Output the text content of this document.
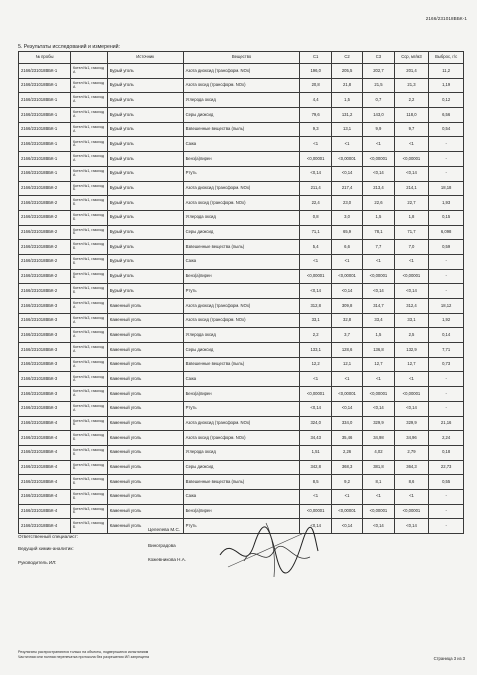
2166/231018ВБК-1
5. Результаты исследований и измерений:
№ пробы		Источник	Вещество	С1	С2	С3	Сср, мг/м3	Выброс, г/с
2166/231018ВБК-1	Котел №1, газоход А	Бурый уголь	Азота диоксид (трансформ. NOx)	196,0	205,5	202,7	201,4	11,2
2166/231018ВБК-1	Котел №1, газоход А	Бурый уголь	Азота оксид (трансформ. NOx)	20,8	21,8	21,5	21,3	1,19
2166/231018ВБК-1	Котел №1, газоход А	Бурый уголь	Углерода оксид	4,4	1,5	0,7	2,2	0,12
2166/231018ВБК-1	Котел №1, газоход А	Бурый уголь	Серы диоксид	79,6	131,2	143,0	118,0	6,56
2166/231018ВБК-1	Котел №1, газоход А	Бурый уголь	Взвешенные вещества (пыль)	9,3	13,1	9,9	9,7	0,54
2166/231018ВБК-1	Котел №1, газоход А	Бурый уголь	Сажа	<1	<1	<1	<1	-
2166/231018ВБК-1	Котел №1, газоход А	Бурый уголь	Бенз(а)пирен	<0,00001	<0,00001	<0,00001	<0,00001	-
2166/231018ВБК-1	Котел №1, газоход А	Бурый уголь	Ртуть	<0,14	<0,14	<0,14	<0,14	-
2166/231018ВБК-2	Котел №1, газоход Б	Бурый уголь	Азота диоксид (трансформ. NOx)	211,4	217,4	213,4	214,1	18,18
2166/231018ВБК-2	Котел №1, газоход Б	Бурый уголь	Азота оксид (трансформ. NOx)	22,4	23,0	22,6	22,7	1,93
2166/231018ВБК-2	Котел №1, газоход Б	Бурый уголь	Углерода оксид	0,8	3,0	1,5	1,8	0,15
2166/231018ВБК-2	Котел №1, газоход Б	Бурый уголь	Серы диоксид	71,1	65,9	78,1	71,7	6,098
2166/231018ВБК-2	Котел №1, газоход Б	Бурый уголь	Взвешенные вещества (пыль)	5,4	6,6	7,7	7,0	0,59
2166/231018ВБК-2	Котел №1, газоход Б	Бурый уголь	Сажа	<1	<1	<1	<1	-
2166/231018ВБК-2	Котел №1, газоход Б	Бурый уголь	Бенз(а)пирен	<0,00001	<0,00001	<0,00001	<0,00001	-
2166/231018ВБК-2	Котел №1, газоход Б	Бурый уголь	Ртуть	<0,14	<0,14	<0,14	<0,14	-
2166/231018ВБК-3	Котел №3, газоход А	Каменный уголь	Азота диоксид (трансформ. NOx)	312,8	309,8	314,7	312,4	18,12
2166/231018ВБК-3	Котел №3, газоход А	Каменный уголь	Азота оксид (трансформ. NOx)	33,1	32,8	33,4	33,1	1,92
2166/231018ВБК-3	Котел №3, газоход А	Каменный уголь	Углерода оксид	2,2	3,7	1,5	2,5	0,14
2166/231018ВБК-3	Котел №3, газоход А	Каменный уголь	Серы диоксид	133,1	128,6	136,8	132,9	7,71
2166/231018ВБК-3	Котел №3, газоход А	Каменный уголь	Взвешенные вещества (пыль)	12,2	12,1	12,7	12,7	0,73
2166/231018ВБК-3	Котел №3, газоход А	Каменный уголь	Сажа	<1	<1	<1	<1	-
2166/231018ВБК-3	Котел №3, газоход А	Каменный уголь	Бенз(а)пирен	<0,00001	<0,00001	<0,00001	<0,00001	-
2166/231018ВБК-3	Котел №3, газоход А	Каменный уголь	Ртуть	<0,14	<0,14	<0,14	<0,14	-
2166/231018ВБК-4	Котел №3, газоход Б	Каменный уголь	Азота диоксид (трансформ. NOx)	324,0	334,0	329,9	329,9	21,16
2166/231018ВБК-4	Котел №3, газоход Б	Каменный уголь	Азота оксид (трансформ. NOx)	34,43	35,46	34,98	34,96	2,24
2166/231018ВБК-4	Котел №3, газоход Б	Каменный уголь	Углерода оксид	1,51	2,26	4,02	2,79	0,18
2166/231018ВБК-4	Котел №3, газоход Б	Каменный уголь	Серы диоксид	342,8	368,3	381,8	364,3	22,73
2166/231018ВБК-4	Котел №3, газоход Б	Каменный уголь	Взвешенные вещества (пыль)	8,5	9,2	8,1	8,6	0,55
2166/231018ВБК-4	Котел №3, газоход Б	Каменный уголь	Сажа	<1	<1	<1	<1	-
2166/231018ВБК-4	Котел №3, газоход Б	Каменный уголь	Бенз(а)пирен	<0,00001	<0,00001	<0,00001	<0,00001	-
2166/231018ВБК-4	Котел №3, газоход Б	Каменный уголь	Ртуть	<0,14	<0,14	<0,14	<0,14	-
Ответственный специалист:
Целелева М.С.
Ведущий химик-аналитик:
Виноградова
Руководитель ИЛ:
Кожевникова Н.А.
Результаты распространяются только на объекты, подвергшиеся испытаниям
Частичная или полная перепечатка протокола без разрешения ИЛ запрещена	Страница 3 из 3
